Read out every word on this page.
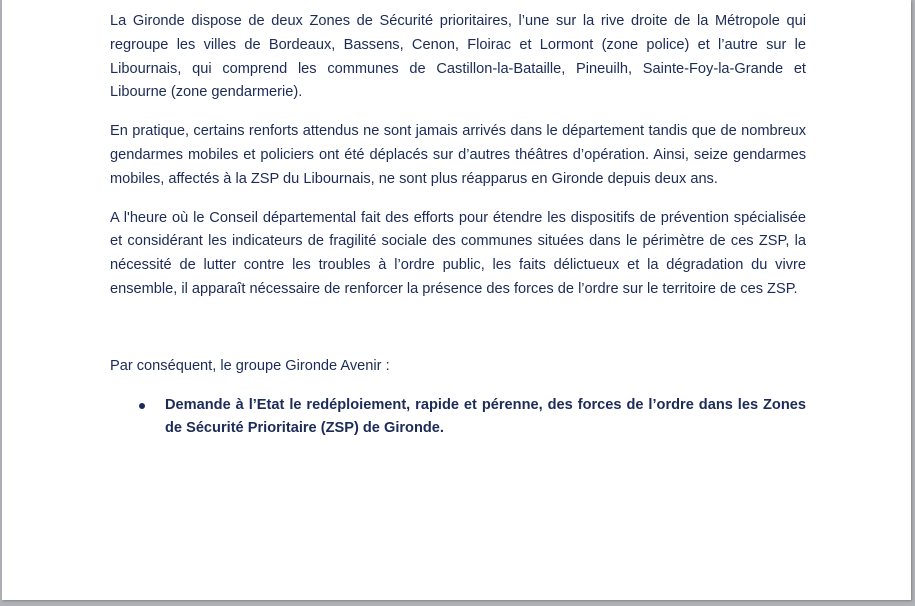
La Gironde dispose de deux Zones de Sécurité prioritaires, l’une sur la rive droite de la Métropole qui regroupe les villes de Bordeaux, Bassens, Cenon, Floirac et Lormont (zone police) et l’autre sur le Libournais, qui comprend les communes de Castillon-la-Bataille, Pineuilh, Sainte-Foy-la-Grande et Libourne (zone gendarmerie).

En pratique, certains renforts attendus ne sont jamais arrivés dans le département tandis que de nombreux gendarmes mobiles et policiers ont été déplacés sur d’autres théâtres d’opération. Ainsi, seize gendarmes mobiles, affectés à la ZSP du Libournais, ne sont plus réapparus en Gironde depuis deux ans.

A l'heure où le Conseil départemental fait des efforts pour étendre les dispositifs de prévention spécialisée et considérant les indicateurs de fragilité sociale des communes situées dans le périmètre de ces ZSP, la nécessité de lutter contre les troubles à l’ordre public, les faits délictueux et la dégradation du vivre ensemble, il apparaît nécessaire de renforcer la présence des forces de l’ordre sur le territoire de ces ZSP.

Par conséquent, le groupe Gironde Avenir :

Demande à l’Etat le redéploiement, rapide et pérenne, des forces de l’ordre dans les Zones de Sécurité Prioritaire (ZSP) de Gironde.
